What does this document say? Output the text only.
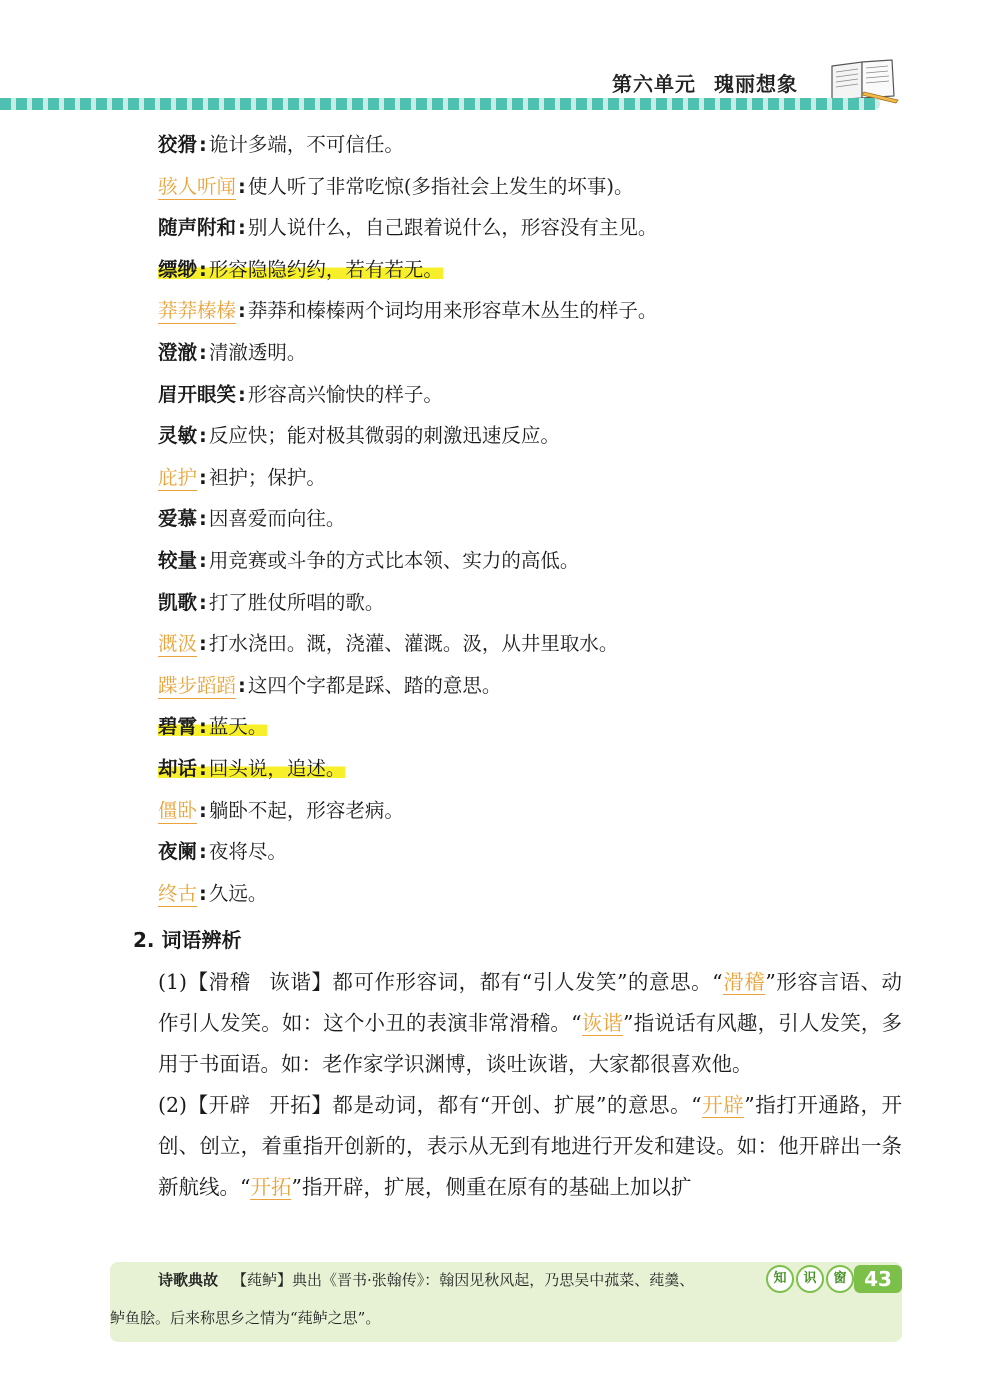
第六单元 瑰丽想象
狡猾 : 诡计多端，不可信任。
骇人听闻 : 使人听了非常吃惊(多指社会上发生的坏事)。
随声附和 : 别人说什么，自己跟着说什么，形容没有主见。
缥缈 : 形容隐隐约约，若有若无。
莽莽榛榛 : 莽莽和榛榛两个词均用来形容草木丛生的样子。
澄澈 : 清澈透明。
眉开眼笑 : 形容高兴愉快的样子。
灵敏 : 反应快；能对极其微弱的刺激迅速反应。
庇护 : 袒护；保护。
爱慕 : 因喜爱而向往。
较量 : 用竞赛或斗争的方式比本领、实力的高低。
凯歌 : 打了胜仗所唱的歌。
溉汲 : 打水浇田。溉，浇灌、灌溉。汲，从井里取水。
蹀步蹈蹈 : 这四个字都是踩、踏的意思。
碧霄 : 蓝天。
却话 : 回头说，追述。
僵卧 : 躺卧不起，形容老病。
夜阑 : 夜将尽。
终古 : 久远。
2. 词语辨析

(1)【滑稽 诙谐】都可作形容词，都有“引人发笑”的意思。“滑稽”形容言语、动作引人发笑。如：这个小丑的表演非常滑稽。“诙谐”指说话有风趣，引人发笑，多用于书面语。如：老作家学识渊博，谈吐诙谐，大家都很喜欢他。

(2)【开辟 开拓】都是动词，都有“开创、扩展”的意思。“开辟”指打开通路，开创、创立，着重指开创新的，表示从无到有地进行开发和建设。如：他开辟出一条新航线。“开拓”指开辟，扩展，侧重在原有的基础上加以扩

诗歌典故 【莼鲈】典出《晋书·张翰传》：翰因见秋风起，乃思吴中菰菜、莼羹、
鲈鱼脍。后来称思乡之情为“莼鲈之思”。
知	识	窗 43
